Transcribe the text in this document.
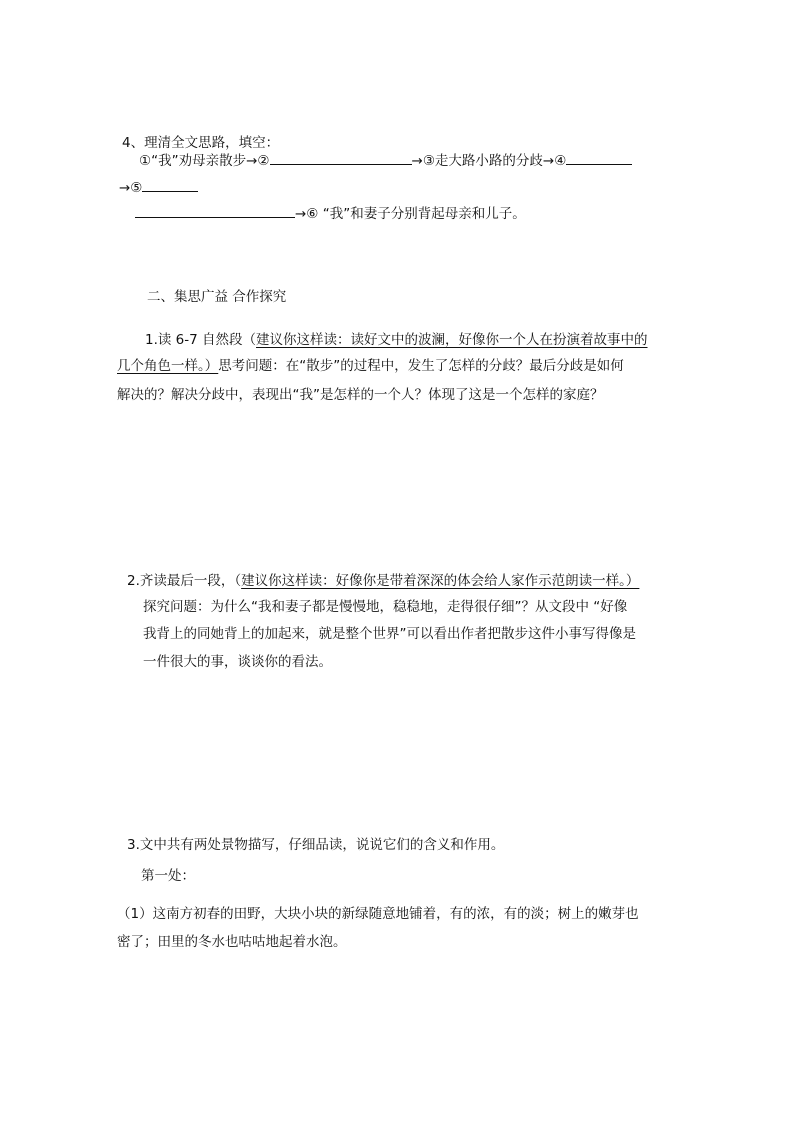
4、理清全文思路，填空：
①“我”劝母亲散步→②	→③走大路小路的分歧→④
→⑤
→⑥ “我”和妻子分别背起母亲和儿子。
二、集思广益 合作探究
1.读 6-7 自然段（建议你这样读：读好文中的波澜，好像你一个人在扮演着故事中的
几个角色一样。）思考问题：在“散步”的过程中，发生了怎样的分歧？最后分歧是如何
解决的？解决分歧中，表现出“我”是怎样的一个人？体现了这是一个怎样的家庭？
2.齐读最后一段，（建议你这样读：好像你是带着深深的体会给人家作示范朗读一样。）
探究问题：为什么“我和妻子都是慢慢地，稳稳地，走得很仔细”？从文段中 “好像
我背上的同她背上的加起来，就是整个世界”可以看出作者把散步这件小事写得像是
一件很大的事，谈谈你的看法。
3.文中共有两处景物描写，仔细品读，说说它们的含义和作用。
第一处：
（1）这南方初春的田野，大块小块的新绿随意地铺着，有的浓，有的淡；树上的嫩芽也
密了；田里的冬水也咕咕地起着水泡。
